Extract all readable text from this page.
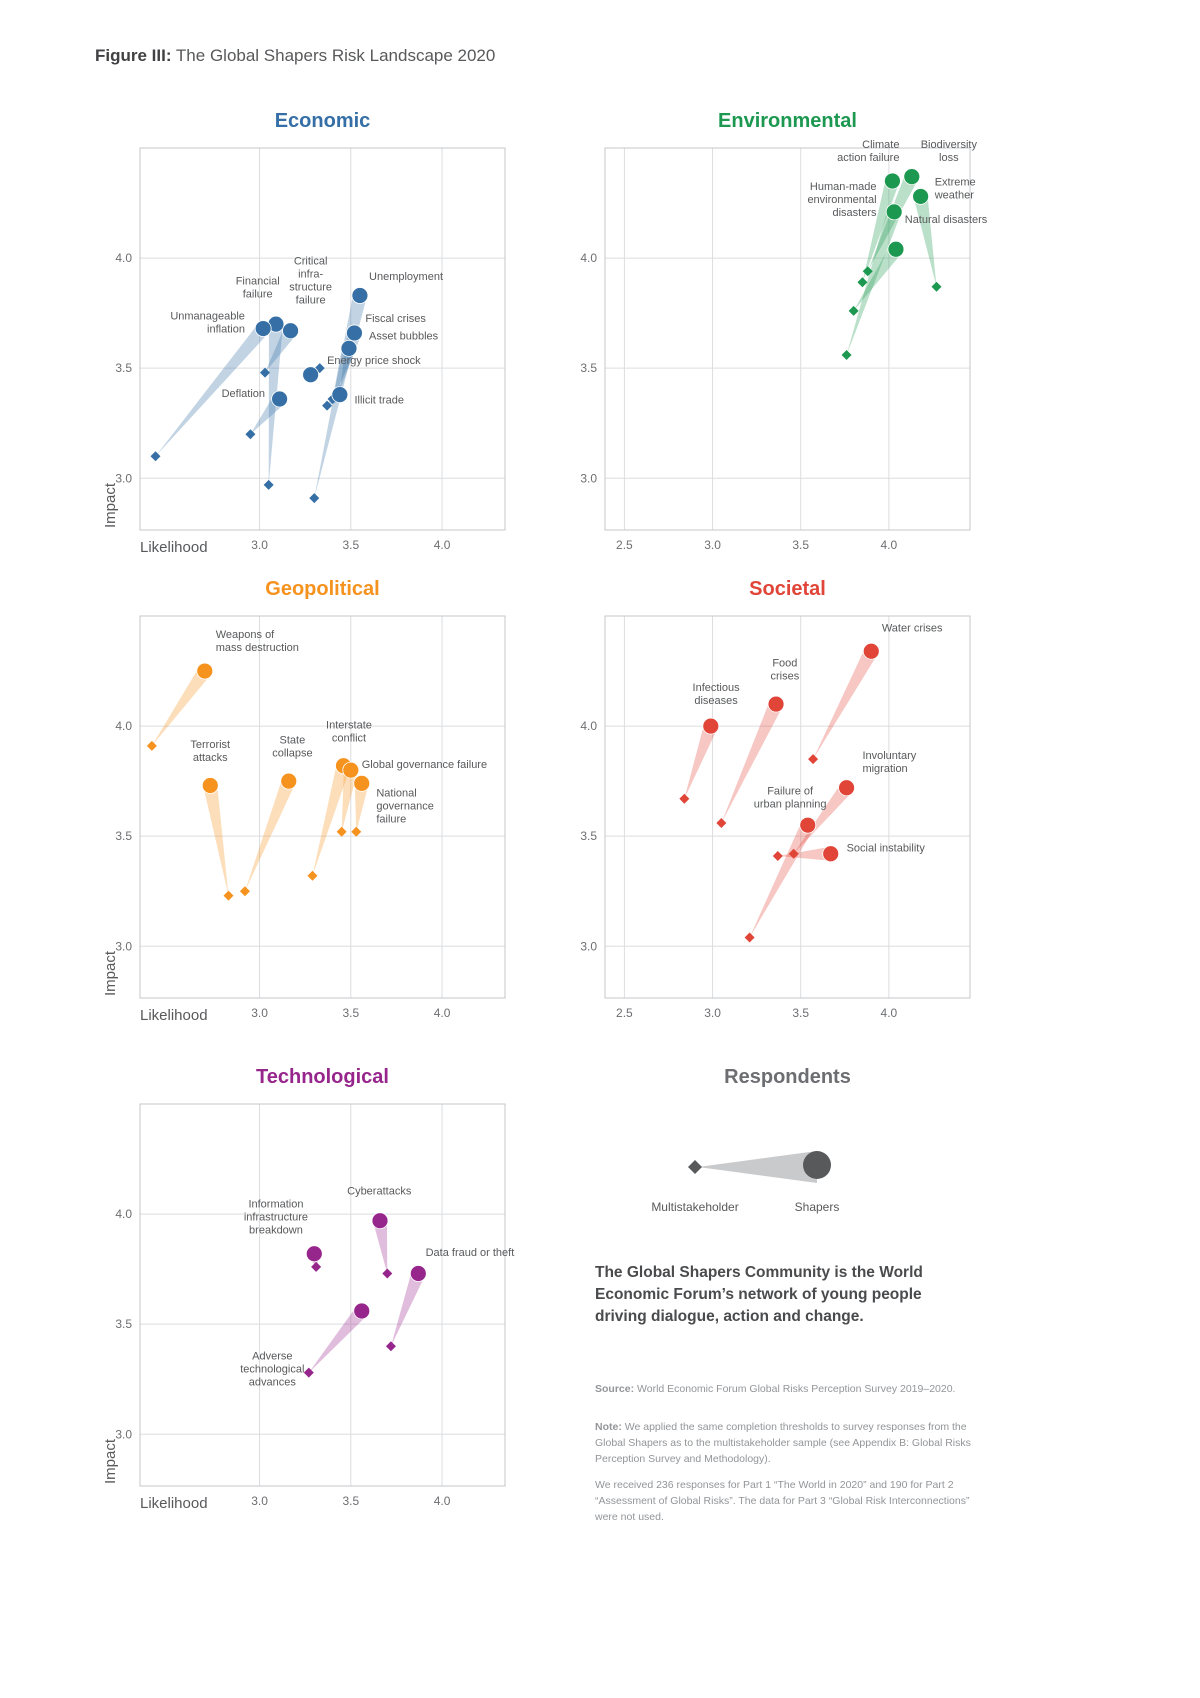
Figure III: The Global Shapers Risk Landscape 2020
Economic
3.0	3.5	4.0
3.0
3.5
4.0
Likelihood
Impact
Unemployment
Fiscal crises
Asset bubbles
Financial
failure
Critical
infra-
structure
failure
Unmanageable
inflation
Energy price shock
Deflation
Illicit trade
Environmental
2.5	3.0	3.5	4.0
3.0
3.5
4.0
Climate
action failure
Biodiversity
loss
Extreme
weather
Human-made
environmental
disasters
Natural disasters
Geopolitical
3.0	3.5	4.0
3.0
3.5
4.0
Likelihood
Impact
Weapons of
mass destruction
Terrorist
attacks
State
collapse
Interstate
conflict
Global governance failure
National
governance
failure
Societal
2.5	3.0	3.5	4.0
3.0
3.5
4.0
Water crises
Food
crises
Infectious
diseases
Involuntary
migration
Failure of
urban planning
Social instability
Technological
3.0	3.5	4.0
3.0
3.5
4.0
Likelihood
Impact
Cyberattacks
Information
infrastructure
breakdown
Data fraud or theft
Adverse
technological
advances
Respondents
Multistakeholder	Shapers

The Global Shapers Community is the World Economic Forum’s network of young people driving dialogue, action and change.

Source: World Economic Forum Global Risks Perception Survey 2019–2020.

Note: We applied the same completion thresholds to survey responses from the Global Shapers as to the multistakeholder sample (see Appendix B: Global Risks Perception Survey and Methodology).

We received 236 responses for Part 1 “The World in 2020” and 190 for Part 2 “Assessment of Global Risks”. The data for Part 3 “Global Risk Interconnections” were not used.
